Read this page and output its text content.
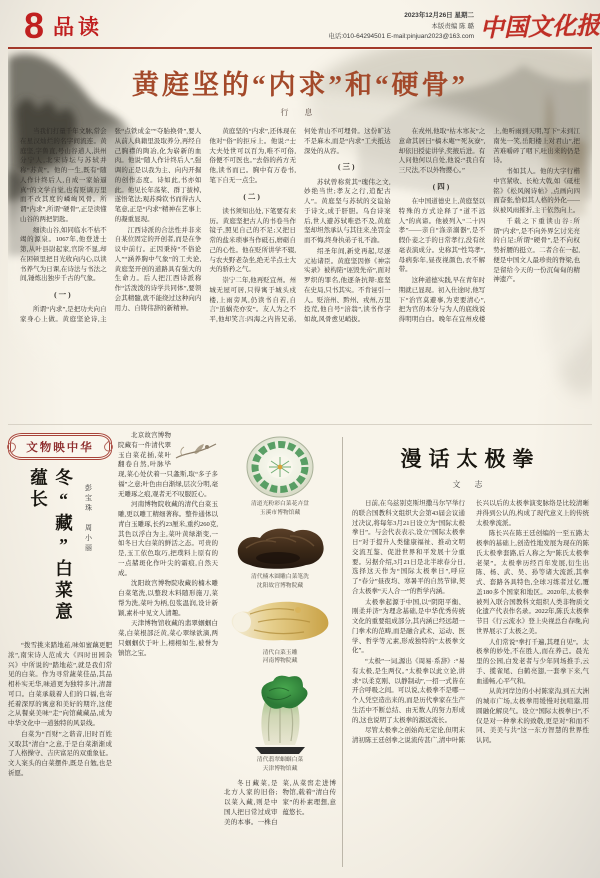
8 品读	2023年12月26日 星期二
本版责编 陈 璐
电话:010-64294501 E-mail:pinjuan2023@163.com 中国文化报
黄庭坚的“内求”和“硬骨”
行 息
当我们打量千年文脉,常会在星汉灿烂的名字间流连。黄庭坚,字鲁直,号山谷道人,洪州分宁人,北宋诗坛与苏轼并称“苏黄”。他的一生,既有“随人作计终后人,自成一家始逼真”的文学自觉,也有贬谪万里而不改其度的嶙峋风骨。所谓“内求”,所谓“硬骨”,正是读懂山谷的两把钥匙。
细读山谷,如同临水不枯不竭的源泉。1067年,他登进士第,从叶县尉起家,官阶不显,却在困顿里把目光收向内心,以读书养气为日课,在诗法与书法之间,锤炼出独步千古的气象。
(一)
所谓“内求”,是把功夫向自家身心上做。黄庭坚论诗,主张“点铁成金”“夺胎换骨”,要人从前人典籍里汲取养分,再经自己胸襟的陶冶,化为崭新的血肉。他说“随人作计终后人”,强调的正是以我为主、向内开掘的创作态度。诗如此,书亦如此。他见长年荡桨、群丁拔棹,遂悟笔法;观苏舜钦书而得古人笔意,正是“内求”精神在艺事上的凝重显现。
江西诗派的合法性并非来自某位固定的开创者,而是在争议中前行。正因秉持“不俗论人”“涵养胸中气象”的工夫论,黄庭坚开创的道路具有强大的生命力。后人把江西诗派称作“活泼泼的诗学共同体”,要领会其精髓,就不能绕过这种向内用力、自铸伟辞的新精神。
黄庭坚的“内求”,还体现在他对“俗”的拒斥上。他说:“士大夫处世可以百为,唯不可俗,俗便不可医也。”去俗的药方无他,读书而已。胸中有万卷书,笔下自无一点尘。
(二)
读书须知出处,下笔要有来历。黄庭坚把古人的书卷当作镜子,照见自己的不足;又把日常的盐米琐事当作砥石,磨砺自己的心性。他在贬所讲学不辍,与农夫野老杂坐,绝无半点士大夫的骄矜之气。
崇宁二年,他再贬宜州。州城无屋可居,只得寓于城头戍楼,上雨旁风,仍读书自若,自言“虽蜗壳亦安”。友人为之不平,他却笑言:四海之内皆兄弟,何处青山不可埋骨。这份旷达不是麻木,而是“内求”工夫抵达深处的从容。
(三)
苏轼曾称赏其“瑰伟之文,妙绝当世;孝友之行,追配古人”。黄庭坚与苏轼的交谊始于诗文,成于肝胆。乌台诗案后,世人避苏轼唯恐不及,黄庭坚却坦然承认与其往来,坐罚金而不悔,终身执弟子礼不渝。
绍圣年间,新党再起,尽逐元祐诸臣。黄庭坚因修《神宗实录》被构陷“诬毁先帝”,面对罗织的罪名,他逐条抗辩:庭坚在史局,只书其实。不肯诬引一人。贬涪州、黔州、戎州,万里投荒,他自号“涪翁”,读书作字如故,风骨愈见峭拔。
在戎州,他取“枯木寒灰”之意命其居曰“槁木庵”“死灰寮”,却依旧授徒讲学,奖掖后进。有人问他何以自处,他说:“我自有三尺法,不以外物撄心。”
(四)
在中国道德史上,黄庭坚以特殊的方式诠释了“道不远人”的真谛。他被列入“二十四孝”——亲自“涤亲溺器”,是不假仆妾之手的日常孝行,没有丝毫表演成分。史称其“性笃孝”,母病弥年,昼夜视颜色,衣不解带。
这种道德实践,早在青年时期就已显现。初入仕途时,他写下“治官莫避事,为吏要清心”,把为官的本分与为人的底线说得明明白白。晚年在宜州戍楼上,他听雨到天明,写下“未到江南先一笑,岳阳楼上对君山”,把苦难嚼碎了咽下,吐出来的仍是诗。
书如其人。他的大字行楷中宫紧收、长枪大戟,如《砥柱铭》《松风阁诗帖》,点画向四面奋张,恰似其人格的外化——纵被风雨摧折,主干依然向上。
千载之下重读山谷:所谓“内求”,是不向外界乞讨光亮的自足;所谓“硬骨”,是不向权势折腰的挺立。二者合在一起,便是中国文人最珍贵的脊梁,也是留给今天的一份沉甸甸的精神遗产。
文物映中华
冬“藏”白菜意蕴长	彭宝珠　周小丽
“拨雪挑来踏地菘,味如蜜藕更肥浓”,南宋诗人范成大《四时田园杂兴》中所说的“踏地菘”,就是我们常见的白菜。作为寻常蔬菜佳品,其品相朴实无华,味道更为独特多汁,清甜可口。白菜承载着人们的口福,也寄托着深厚的寓意和美好的期许,这使之从餐桌美味“走”向馆藏藏品,成为中华文化中一道独特的风景线。
白菜为“百财”之谐音,旧时百姓又取其“清白”之意,于是白菜渐渐成了人格操守、吉庆富足的双重象征。文人案头的白菜摆件,既是自勉,也是祈愿。
北京故宫博物院藏有一件清代翠玉白菜花插,菜叶翻卷自然,叶脉毕现,菜心处伏着一只螽斯,取“多子多福”之意;叶色由白渐绿,层次分明,毫无雕琢之痕,观者无不叹服匠心。
河南博物院收藏的清代白菜玉雕,更以雕工精细著称。整件通体以青白玉雕琢,长约23厘米,重约260克,其色以浮白为主,菜叶黄绿渐变,一如冬日大白菜的鲜活之态。可贵的是,玉工依色取巧,把璞料上原有的一点赭斑化作叶尖的霜痕,自然天成。
沈阳故宫博物院收藏的楠木雕白菜笔洗,以整段木料随形施刀,菜帮为洗,菜叶为柄,包浆温润,设计新颖,素朴中见文人清趣。
天津博物馆收藏的翡翠蝈蝈白菜,白菜根部泛黄,菜心翠绿欲滴,两只蝈蝈伏于叶上,栩栩如生,被誉为镇馆之宝。
清道光粉彩白菜花卉盘
玉溪市博物馆藏
清代楠木圆雕白菜笔洗
沈阳故宫博物院藏
清代白菜玉雕
河南博物院藏
清代翡翠蝈蝈白菜
天津博物馆藏
冬日藏菜,是北方人家的旧俗;以菜入藏,则是中国人把日常过成审美的本事。一株白菜,从菜窖走进博物馆,载着“清白传家”的朴素理想,意蕴悠长。
漫话太极拳
文 志
日前,在乌兹别克斯坦撒马尔罕举行的联合国教科文组织大会第43届会议通过决议,将每年3月21日设立为“国际太极拳日”。与会代表表示,设立“国际太极拳日”对于提升人类健康福祉、推动文明交流互鉴、促进世界和平发展十分重要。另据介绍,3月21日是北半球春分日,选择这天作为“国际太极拳日”,呼应了“春分”昼夜均、寒暑平的自然节律,契合太极拳“天人合一”的哲学内涵。
太极拳起源于中国,以“阴阳平衡、刚柔并济”为理念基础,是中华优秀传统文化的重要组成部分,其内涵已经远超一门拳术的范畴,而是融合武术、运动、医学、哲学等元素,形成独特的“太极拳文化”。
“太极”一词,源出《周易·系辞》:“易有太极,是生两仪。”太极拳以此立论,讲求“以柔克刚、以静制动”,一招一式皆在开合呼吸之间。可以说,太极拳不是哪一个人凭空造出来的,而是历代拳家在生产生活中不断总结、由无数人的努力形成的,这也说明了太极拳的源远流长。
尽管太极拳之创始尚无定论,但明末清初陈王廷创拳之说流传甚广,清中叶陈长兴以后的太极拳演变脉络是比较清晰并得到公认的,构成了现代意义上的传统太极拳流派。
陈长兴在陈王廷创编的一至五路太极拳的基础上,创造性地发展为现在的陈氏太极拳套路,后人称之为“陈氏太极拳老架”。太极拳历经百年发展,衍生出陈、杨、武、吴、孙等诸大流派,其拳式、套路各具特色,全球习练者过亿,覆盖180多个国家和地区。2020年,太极拳被列入联合国教科文组织人类非物质文化遗产代表作名录。2022年,陈氏太极拳节目《行云流水》登上央视总台春晚,向世界展示了太极之美。
人们常说“拳打千遍,其理自见”。太极拳的妙处,不在胜人,而在养己。晨光里的公园,白发老者与少年同场推手,云手、揽雀尾、白鹤亮翅,一套拳下来,气血通畅,心平气和。
从黄河岸边的小村陈家沟,到五大洲的城市广场,太极拳用缓慢对抗喧嚣,用圆融化解戾气。设立“国际太极拳日”,不仅是对一种拳术的致敬,更是对“和而不同、美美与共”这一东方智慧的世界性认同。
